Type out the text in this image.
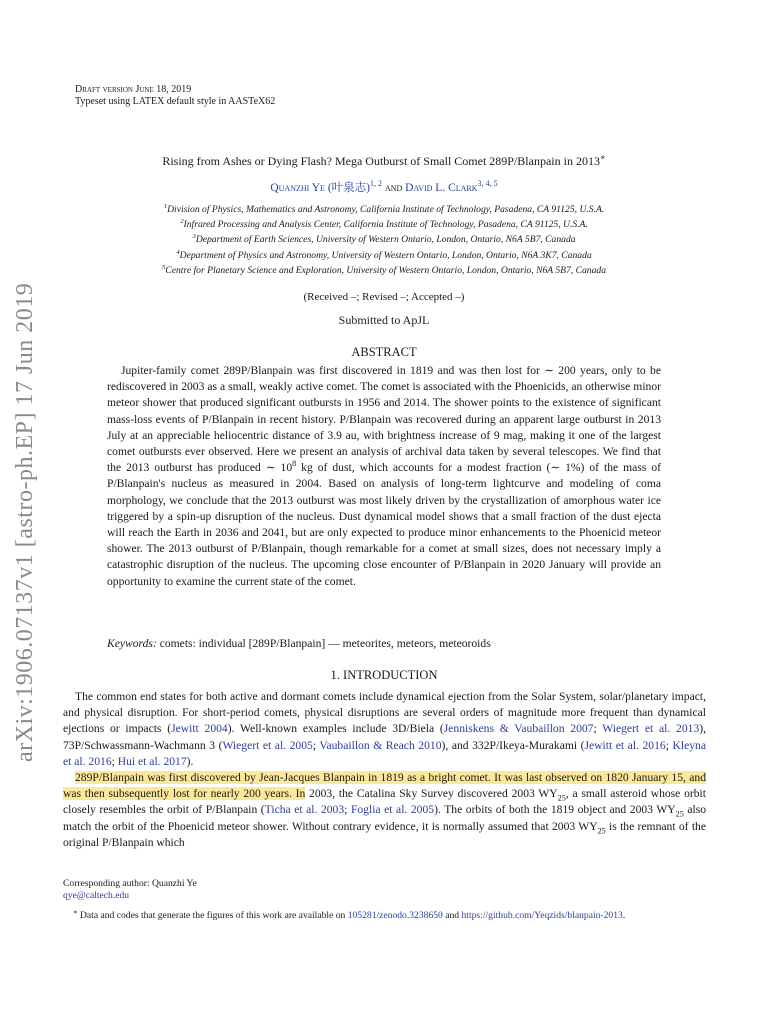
arXiv:1906.07137v1 [astro-ph.EP] 17 Jun 2019
Draft version June 18, 2019
Typeset using LATEX default style in AASTeX62
Rising from Ashes or Dying Flash? Mega Outburst of Small Comet 289P/Blanpain in 2013∗
Quanzhi Ye (叶泉志)$^{1, 2}$ and David L. Clark$^{3, 4, 5}$
$^1$Division of Physics, Mathematics and Astronomy, California Institute of Technology, Pasadena, CA 91125, U.S.A.
$^2$Infrared Processing and Analysis Center, California Institute of Technology, Pasadena, CA 91125, U.S.A.
$^3$Department of Earth Sciences, University of Western Ontario, London, Ontario, N6A 5B7, Canada
$^4$Department of Physics and Astronomy, University of Western Ontario, London, Ontario, N6A 3K7, Canada
$^5$Centre for Planetary Science and Exploration, University of Western Ontario, London, Ontario, N6A 5B7, Canada
(Received –; Revised –; Accepted –)
Submitted to ApJL
ABSTRACT
Jupiter-family comet 289P/Blanpain was first discovered in 1819 and was then lost for ∼ 200 years, only to be rediscovered in 2003 as a small, weakly active comet. The comet is associated with the Phoenicids, an otherwise minor meteor shower that produced significant outbursts in 1956 and 2014. The shower points to the existence of significant mass-loss events of P/Blanpain in recent history. P/Blanpain was recovered during an apparent large outburst in 2013 July at an appreciable heliocentric distance of 3.9 au, with brightness increase of 9 mag, making it one of the largest comet outbursts ever observed. Here we present an analysis of archival data taken by several telescopes. We find that the 2013 outburst has produced ∼ $10^8$ kg of dust, which accounts for a modest fraction (∼ 1%) of the mass of P/Blanpain's nucleus as measured in 2004. Based on analysis of long-term lightcurve and modeling of coma morphology, we conclude that the 2013 outburst was most likely driven by the crystallization of amorphous water ice triggered by a spin-up disruption of the nucleus. Dust dynamical model shows that a small fraction of the dust ejecta will reach the Earth in 2036 and 2041, but are only expected to produce minor enhancements to the Phoenicid meteor shower. The 2013 outburst of P/Blanpain, though remarkable for a comet at small sizes, does not necessary imply a catastrophic disruption of the nucleus. The upcoming close encounter of P/Blanpain in 2020 January will provide an opportunity to examine the current state of the comet.
Keywords: comets: individual [289P/Blanpain] — meteorites, meteors, meteoroids
1. INTRODUCTION

The common end states for both active and dormant comets include dynamical ejection from the Solar System, solar/planetary impact, and physical disruption. For short-period comets, physical disruptions are several orders of magnitude more frequent than dynamical ejections or impacts (Jewitt 2004). Well-known examples include 3D/Biela (Jenniskens & Vaubaillon 2007; Wiegert et al. 2013), 73P/Schwassmann-Wachmann 3 (Wiegert et al. 2005; Vaubaillon & Reach 2010), and 332P/Ikeya-Murakami (Jewitt et al. 2016; Kleyna et al. 2016; Hui et al. 2017).

289P/Blanpain was first discovered by Jean-Jacques Blanpain in 1819 as a bright comet. It was last observed on 1820 January 15, and was then subsequently lost for nearly 200 years. In 2003, the Catalina Sky Survey discovered 2003 $WY_{25}$, a small asteroid whose orbit closely resembles the orbit of P/Blanpain (Ticha et al. 2003; Foglia et al. 2005). The orbits of both the 1819 object and 2003 $WY_{25}$ also match the orbit of the Phoenicid meteor shower. Without contrary evidence, it is normally assumed that 2003 $WY_{25}$ is the remnant of the original P/Blanpain which

Corresponding author: Quanzhi Ye
qye@caltech.edu
∗ Data and codes that generate the figures of this work are available on 105281/zenodo.3238650 and https://github.com/Yeqzids/blanpain-2013.
